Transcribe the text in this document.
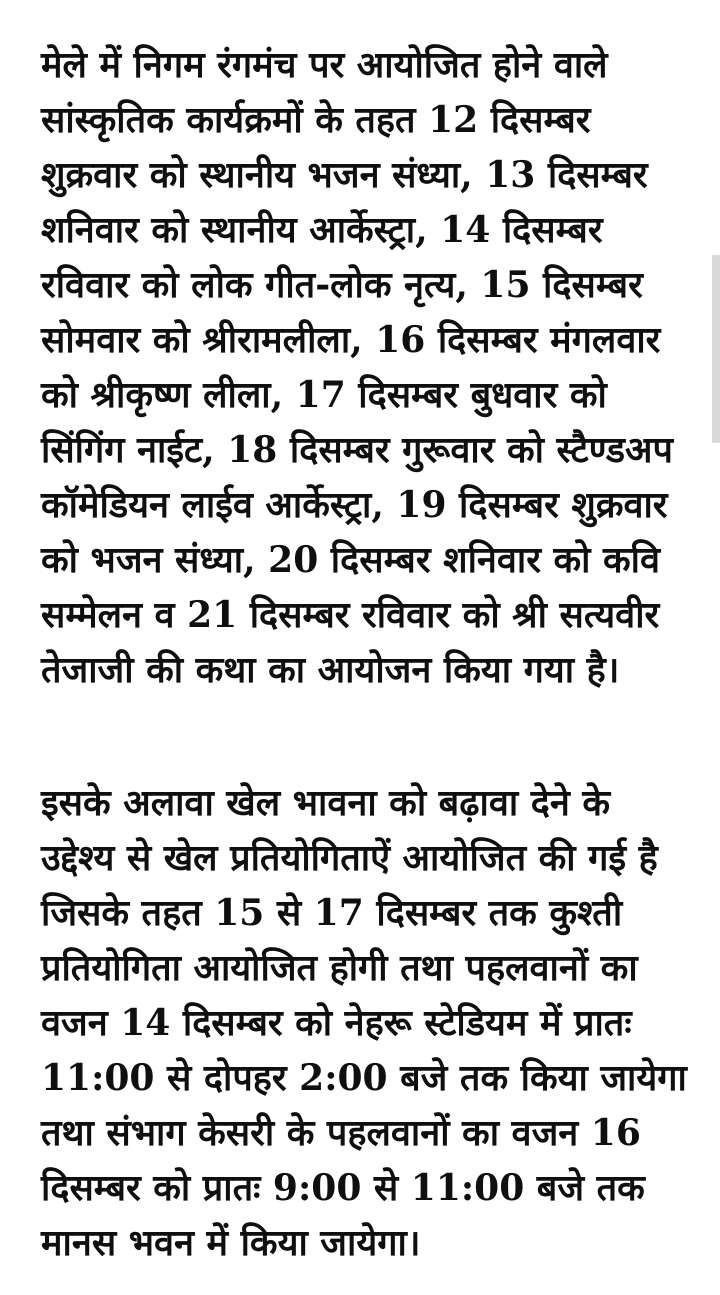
मेले में निगम रंगमंच पर आयोजित होने वाले
सांस्कृतिक कार्यक्रमों के तहत 12 दिसम्बर
शुक्रवार को स्थानीय भजन संध्या, 13 दिसम्बर
शनिवार को स्थानीय आर्केस्ट्रा, 14 दिसम्बर
रविवार को लोक गीत-लोक नृत्य, 15 दिसम्बर
सोमवार को श्रीरामलीला, 16 दिसम्बर मंगलवार
को श्रीकृष्ण लीला, 17 दिसम्बर बुधवार को
सिंगिंग नाईट, 18 दिसम्बर गुरूवार को स्टैण्डअप
कॉमेडियन लाईव आर्केस्ट्रा, 19 दिसम्बर शुक्रवार
को भजन संध्या, 20 दिसम्बर शनिवार को कवि
सम्मेलन व 21 दिसम्बर रविवार को श्री सत्यवीर
तेजाजी की कथा का आयोजन किया गया है।

इसके अलावा खेल भावना को बढ़ावा देने के
उद्देश्य से खेल प्रतियोगिताऐं आयोजित की गई है
जिसके तहत 15 से 17 दिसम्बर तक कुश्ती
प्रतियोगिता आयोजित होगी तथा पहलवानों का
वजन 14 दिसम्बर को नेहरू स्टेडियम में प्रातः
11:00 से दोपहर 2:00 बजे तक किया जायेगा
तथा संभाग केसरी के पहलवानों का वजन 16
दिसम्बर को प्रातः 9:00 से 11:00 बजे तक
मानस भवन में किया जायेगा।
